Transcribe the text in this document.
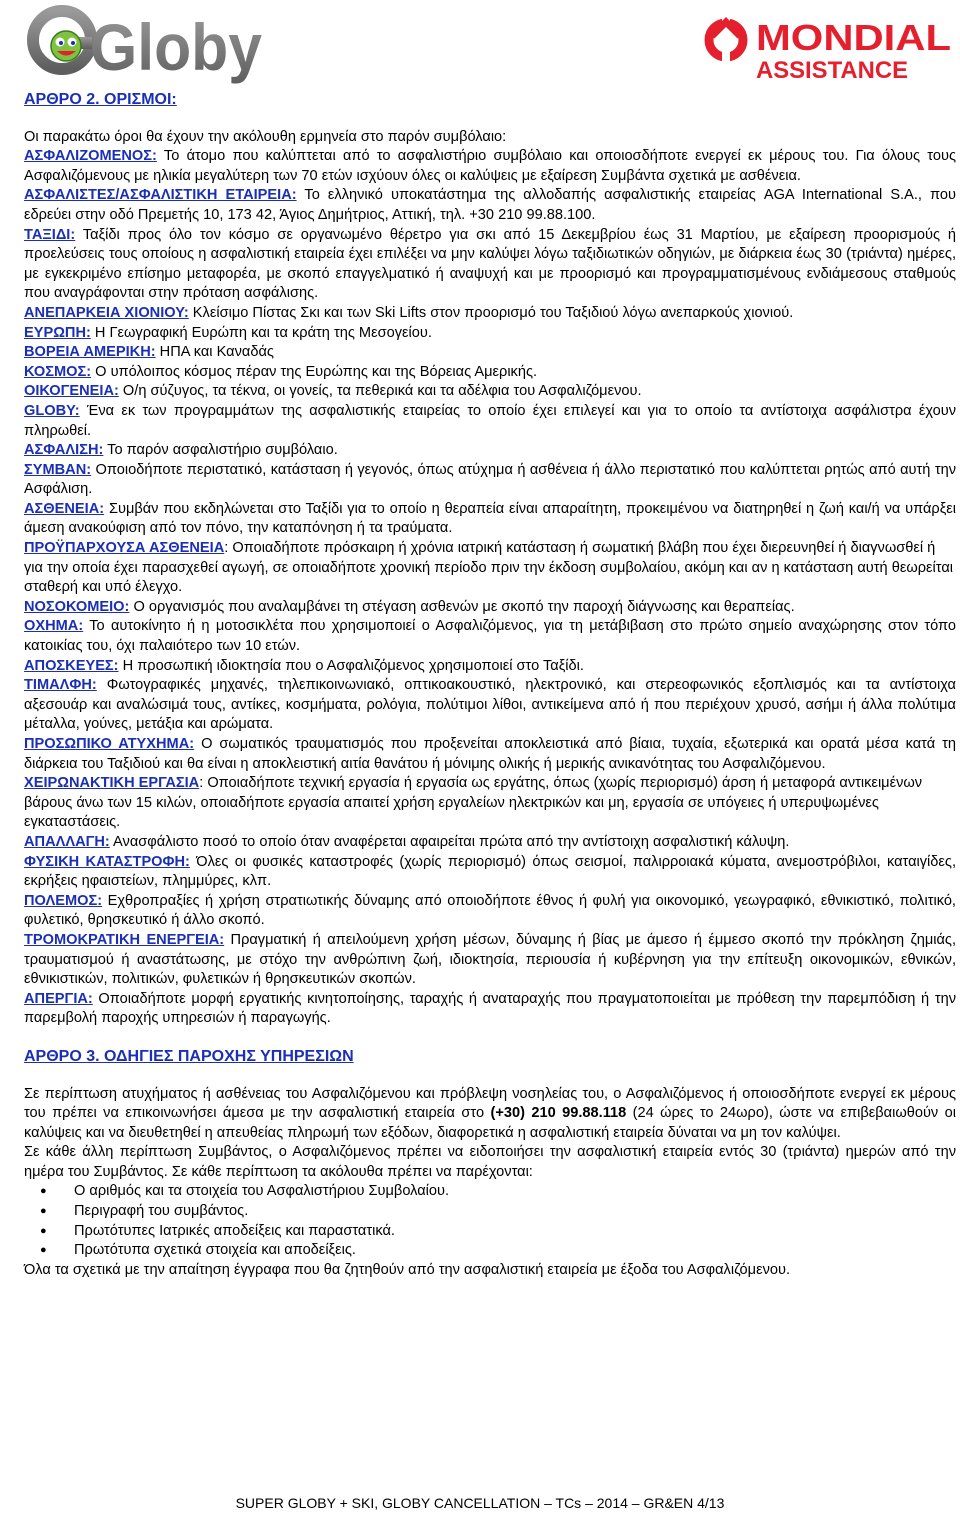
Globy	MONDIAL
ASSISTANCE
ΑΡΘΡΟ 2. ΟΡΙΣΜΟΙ:

Οι παρακάτω όροι θα έχουν την ακόλουθη ερμηνεία στο παρόν συμβόλαιο:

ΑΣΦΑΛΙΖΟΜΕΝΟΣ: Το άτομο που καλύπτεται από το ασφαλιστήριο συμβόλαιο και οποιοσδήποτε ενεργεί εκ μέρους του. Για όλους τους Ασφαλιζόμενους με ηλικία μεγαλύτερη των 70 ετών ισχύουν όλες οι καλύψεις με εξαίρεση Συμβάντα σχετικά με ασθένεια.

ΑΣΦΑΛΙΣΤΕΣ/ΑΣΦΑΛΙΣΤΙΚΗ ΕΤΑΙΡΕΙΑ: Το ελληνικό υποκατάστημα της αλλοδαπής ασφαλιστικής εταιρείας AGA International S.A., που εδρεύει στην οδό Πρεμετής 10, 173 42, Άγιος Δημήτριος, Αττική, τηλ. +30 210 99.88.100.

ΤΑΞΙΔΙ: Ταξίδι προς όλο τον κόσμο σε οργανωμένο θέρετρο για σκι από 15 Δεκεμβρίου έως 31 Μαρτίου, με εξαίρεση προορισμούς ή προελεύσεις τους οποίους η ασφαλιστική εταιρεία έχει επιλέξει να μην καλύψει λόγω ταξιδιωτικών οδηγιών, με διάρκεια έως 30 (τριάντα) ημέρες, με εγκεκριμένο επίσημο μεταφορέα, με σκοπό επαγγελματικό ή αναψυχή και με προορισμό και προγραμματισμένους ενδιάμεσους σταθμούς που αναγράφονται στην πρόταση ασφάλισης.

ΑΝΕΠΑΡΚΕΙΑ ΧΙΟΝΙΟΥ: Κλείσιμο Πίστας Σκι και των Ski Lifts στον προορισμό του Ταξιδιού λόγω ανεπαρκούς χιονιού.

ΕΥΡΩΠΗ: Η Γεωγραφική Ευρώπη και τα κράτη της Μεσογείου.

ΒΟΡΕΙΑ ΑΜΕΡΙΚΗ: ΗΠΑ και Καναδάς

ΚΟΣΜΟΣ: Ο υπόλοιπος κόσμος πέραν της Ευρώπης και της Βόρειας Αμερικής.

ΟΙΚΟΓΕΝΕΙΑ: Ο/η σύζυγος, τα τέκνα, οι γονείς, τα πεθερικά και τα αδέλφια του Ασφαλιζόμενου.

GLOBY: Ένα εκ των προγραμμάτων της ασφαλιστικής εταιρείας το οποίο έχει επιλεγεί και για το οποίο τα αντίστοιχα ασφάλιστρα έχουν πληρωθεί.

ΑΣΦΑΛΙΣΗ: Το παρόν ασφαλιστήριο συμβόλαιο.

ΣΥΜΒΑΝ: Οποιοδήποτε περιστατικό, κατάσταση ή γεγονός, όπως ατύχημα ή ασθένεια ή άλλο περιστατικό που καλύπτεται ρητώς από αυτή την Ασφάλιση.

ΑΣΘΕΝΕΙΑ: Συμβάν που εκδηλώνεται στο Ταξίδι για το οποίο η θεραπεία είναι απαραίτητη, προκειμένου να διατηρηθεί η ζωή και/ή να υπάρξει άμεση ανακούφιση από τον πόνο, την καταπόνηση ή τα τραύματα.

ΠΡΟΫΠΑΡΧΟΥΣΑ ΑΣΘΕΝΕΙΑ: Οποιαδήποτε πρόσκαιρη ή χρόνια ιατρική κατάσταση ή σωματική βλάβη που έχει διερευνηθεί ή διαγνωσθεί ή για την οποία έχει παρασχεθεί αγωγή, σε οποιαδήποτε χρονική περίοδο πριν την έκδοση συμβολαίου, ακόμη και αν η κατάσταση αυτή θεωρείται σταθερή και υπό έλεγχο.

ΝΟΣΟΚΟΜΕΙΟ: Ο οργανισμός που αναλαμβάνει τη στέγαση ασθενών με σκοπό την παροχή διάγνωσης και θεραπείας.

ΟΧΗΜΑ: Το αυτοκίνητο ή η μοτοσικλέτα που χρησιμοποιεί ο Ασφαλιζόμενος, για τη μετάβιβαση στο πρώτο σημείο αναχώρησης στον τόπο κατοικίας του, όχι παλαιότερο των 10 ετών.

ΑΠΟΣΚΕΥΕΣ: Η προσωπική ιδιοκτησία που ο Ασφαλιζόμενος χρησιμοποιεί στο Ταξίδι.

ΤΙΜΑΛΦΗ: Φωτογραφικές μηχανές, τηλεπικοινωνιακό, οπτικοακουστικό, ηλεκτρονικό, και στερεοφωνικός εξοπλισμός και τα αντίστοιχα αξεσουάρ και αναλώσιμά τους, αντίκες, κοσμήματα, ρολόγια, πολύτιμοι λίθοι, αντικείμενα από ή που περιέχουν χρυσό, ασήμι ή άλλα πολύτιμα μέταλλα, γούνες, μετάξια και αρώματα.

ΠΡΟΣΩΠΙΚΟ ΑΤΥΧΗΜΑ: Ο σωματικός τραυματισμός που προξενείται αποκλειστικά από βίαια, τυχαία, εξωτερικά και ορατά μέσα κατά τη διάρκεια του Ταξιδιού και θα είναι η αποκλειστική αιτία θανάτου ή μόνιμης ολικής ή μερικής ανικανότητας του Ασφαλιζόμενου.

ΧΕΙΡΩΝΑΚΤΙΚΗ ΕΡΓΑΣΙΑ: Οποιαδήποτε τεχνική εργασία ή εργασία ως εργάτης, όπως (χωρίς περιορισμό) άρση ή μεταφορά αντικειμένων βάρους άνω των 15 κιλών, οποιαδήποτε εργασία απαιτεί χρήση εργαλείων ηλεκτρικών και μη, εργασία σε υπόγειες ή υπερυψωμένες εγκαταστάσεις.

ΑΠΑΛΛΑΓΗ: Ανασφάλιστο ποσό το οποίο όταν αναφέρεται αφαιρείται πρώτα από την αντίστοιχη ασφαλιστική κάλυψη.

ΦΥΣΙΚΗ ΚΑΤΑΣΤΡΟΦΗ: Όλες οι φυσικές καταστροφές (χωρίς περιορισμό) όπως σεισμοί, παλιρροιακά κύματα, ανεμοστρόβιλοι, καταιγίδες, εκρήξεις ηφαιστείων, πλημμύρες, κλπ.

ΠΟΛΕΜΟΣ: Εχθροπραξίες ή χρήση στρατιωτικής δύναμης από οποιοδήποτε έθνος ή φυλή για οικονομικό, γεωγραφικό, εθνικιστικό, πολιτικό, φυλετικό, θρησκευτικό ή άλλο σκοπό.

ΤΡΟΜΟΚΡΑΤΙΚΗ ΕΝΕΡΓΕΙΑ: Πραγματική ή απειλούμενη χρήση μέσων, δύναμης ή βίας με άμεσο ή έμμεσο σκοπό την πρόκληση ζημιάς, τραυματισμού ή αναστάτωσης, με στόχο την ανθρώπινη ζωή, ιδιοκτησία, περιουσία ή κυβέρνηση για την επίτευξη οικονομικών, εθνικών, εθνικιστικών, πολιτικών, φυλετικών ή θρησκευτικών σκοπών.

ΑΠΕΡΓΙΑ: Οποιαδήποτε μορφή εργατικής κινητοποίησης, ταραχής ή αναταραχής που πραγματοποιείται με πρόθεση την παρεμπόδιση ή την παρεμβολή παροχής υπηρεσιών ή παραγωγής.

ΑΡΘΡΟ 3. ΟΔΗΓΙΕΣ ΠΑΡΟΧΗΣ ΥΠΗΡΕΣΙΩΝ

Σε περίπτωση ατυχήματος ή ασθένειας του Ασφαλιζόμενου και πρόβλεψη νοσηλείας του, ο Ασφαλιζόμενος ή οποιοσδήποτε ενεργεί εκ μέρους του πρέπει να επικοινωνήσει άμεσα με την ασφαλιστική εταιρεία στο (+30) 210 99.88.118 (24 ώρες το 24ωρο), ώστε να επιβεβαιωθούν οι καλύψεις και να διευθετηθεί η απευθείας πληρωμή των εξόδων, διαφορετικά η ασφαλιστική εταιρεία δύναται να μη τον καλύψει.

Σε κάθε άλλη περίπτωση Συμβάντος, ο Ασφαλιζόμενος πρέπει να ειδοποιήσει την ασφαλιστική εταιρεία εντός 30 (τριάντα) ημερών από την ημέρα του Συμβάντος. Σε κάθε περίπτωση τα ακόλουθα πρέπει να παρέχονται:

● Ο αριθμός και τα στοιχεία του Ασφαλιστήριου Συμβολαίου.
● Περιγραφή του συμβάντος.
● Πρωτότυπες Ιατρικές αποδείξεις και παραστατικά.
● Πρωτότυπα σχετικά στοιχεία και αποδείξεις.

Όλα τα σχετικά με την απαίτηση έγγραφα που θα ζητηθούν από την ασφαλιστική εταιρεία με έξοδα του Ασφαλιζόμενου.

SUPER GLOBY + SKI, GLOBY CANCELLATION – TCs – 2014 – GR&EN 4/13
